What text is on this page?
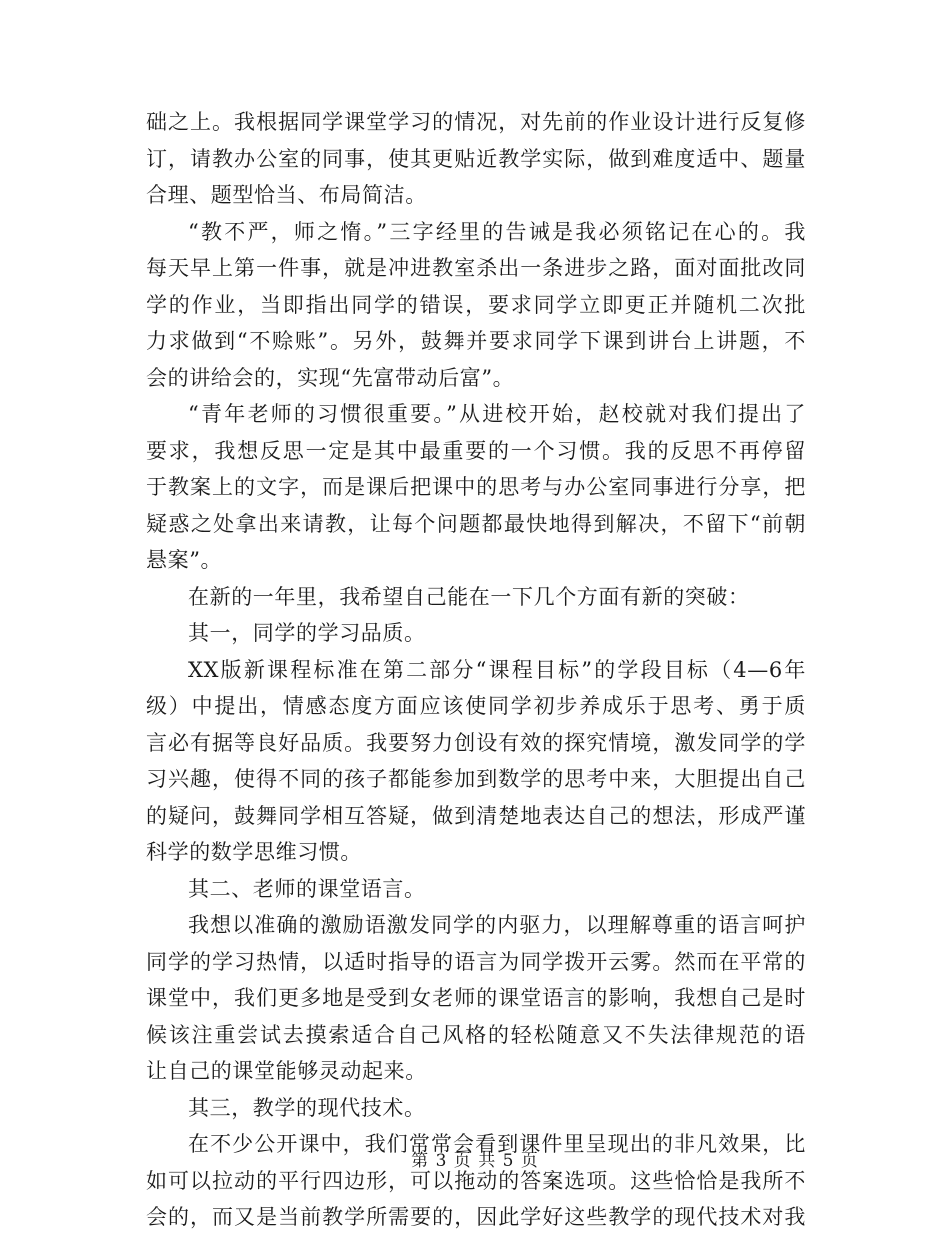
础之上。我根据同学课堂学习的情况，对先前的作业设计进行反复修
订，请教办公室的同事，使其更贴近教学实际，做到难度适中、题量
合理、题型恰当、布局简洁。
“教不严，师之惰。”三字经里的告诫是我必须铭记在心的。我
每天早上第一件事，就是冲进教室杀出一条进步之路，面对面批改同
学的作业，当即指出同学的错误，要求同学立即更正并随机二次批
力求做到“不赊账”。另外，鼓舞并要求同学下课到讲台上讲题，不
会的讲给会的，实现“先富带动后富”。
“青年老师的习惯很重要。”从进校开始，赵校就对我们提出了
要求，我想反思一定是其中最重要的一个习惯。我的反思不再停留
于教案上的文字，而是课后把课中的思考与办公室同事进行分享，把
疑惑之处拿出来请教，让每个问题都最快地得到解决，不留下“前朝
悬案”。
在新的一年里，我希望自己能在一下几个方面有新的突破：
其一，同学的学习品质。
XX版新课程标准在第二部分“课程目标”的学段目标（4—6年
级）中提出，情感态度方面应该使同学初步养成乐于思考、勇于质
言必有据等良好品质。我要努力创设有效的探究情境，激发同学的学
习兴趣，使得不同的孩子都能参加到数学的思考中来，大胆提出自己
的疑问，鼓舞同学相互答疑，做到清楚地表达自己的想法，形成严谨
科学的数学思维习惯。
其二、老师的课堂语言。
我想以准确的激励语激发同学的内驱力，以理解尊重的语言呵护
同学的学习热情，以适时指导的语言为同学拨开云雾。然而在平常的
课堂中，我们更多地是受到女老师的课堂语言的影响，我想自己是时
候该注重尝试去摸索适合自己风格的轻松随意又不失法律规范的语
让自己的课堂能够灵动起来。
其三，教学的现代技术。
在不少公开课中，我们常常会看到课件里呈现出的非凡效果，比
如可以拉动的平行四边形，可以拖动的答案选项。这些恰恰是我所不
会的，而又是当前教学所需要的，因此学好这些教学的现代技术对我
第 3 页 共 5 页
